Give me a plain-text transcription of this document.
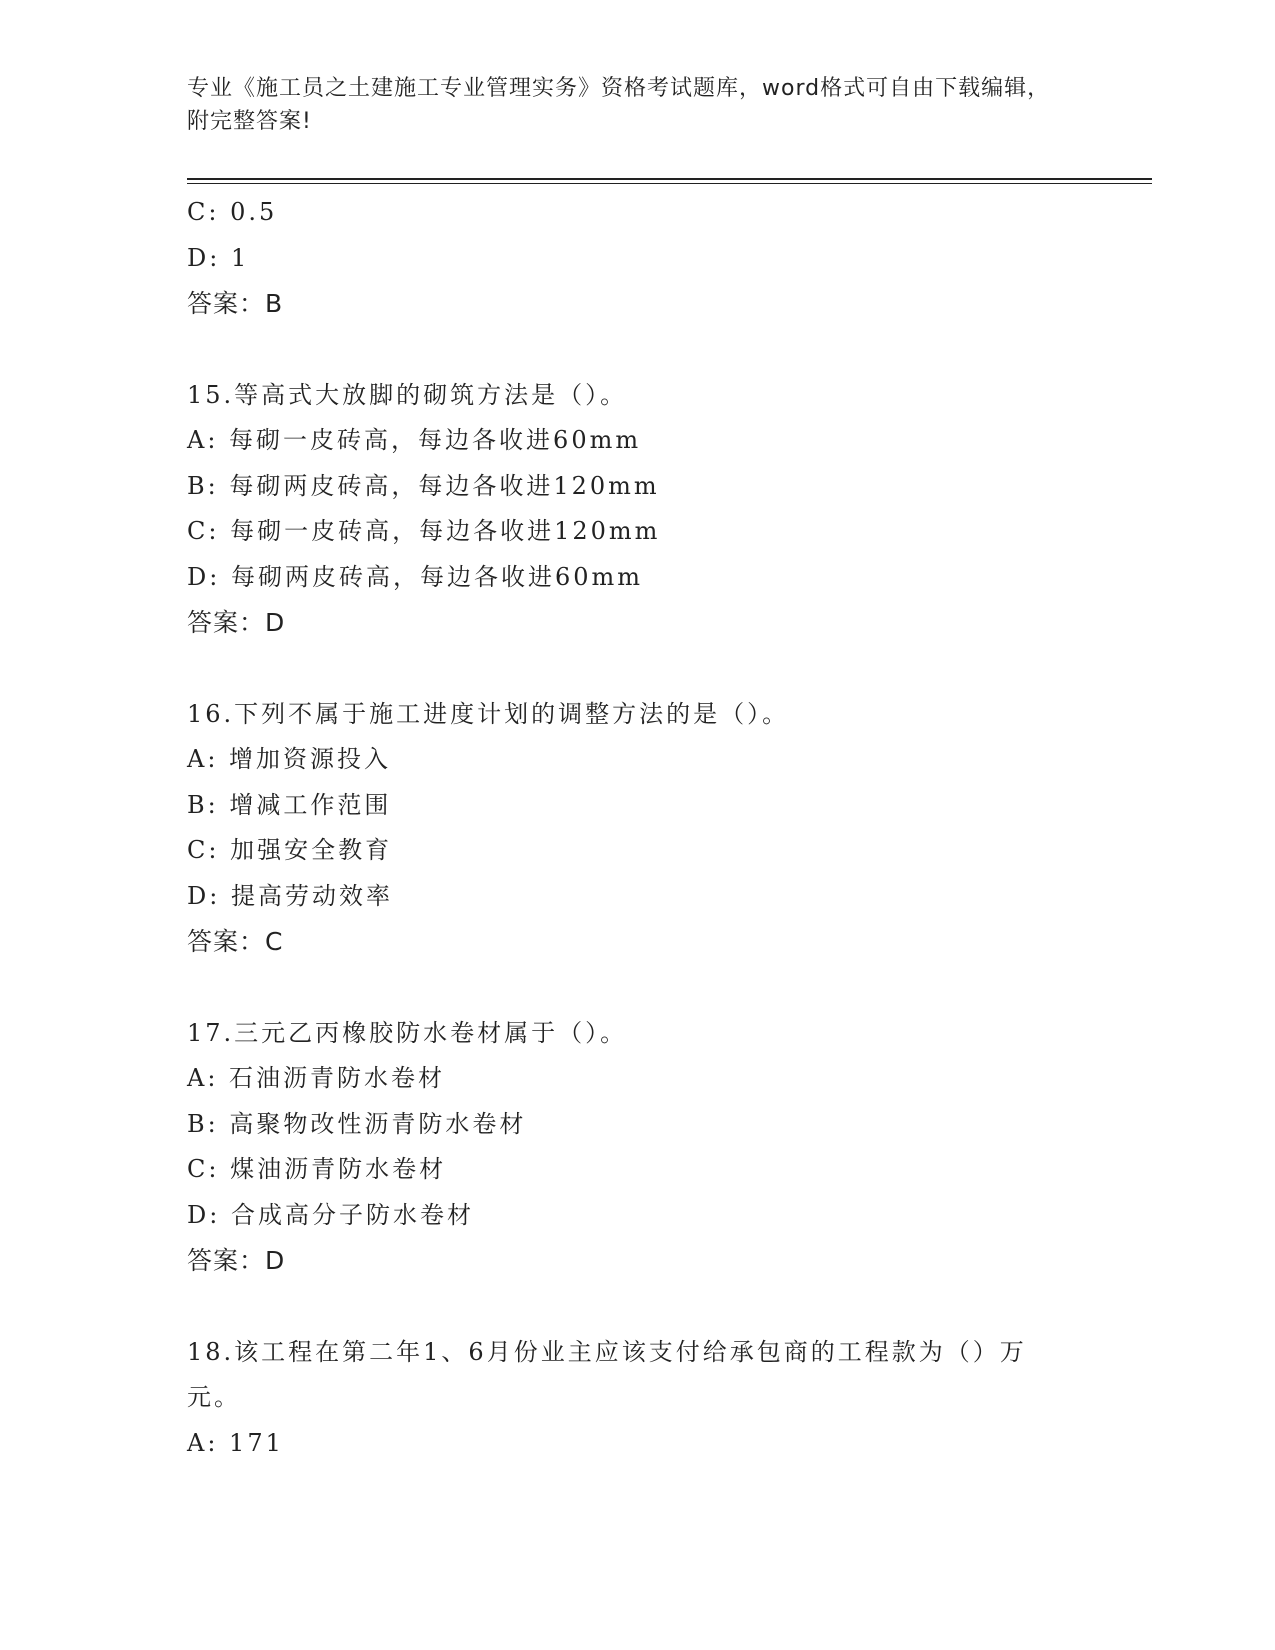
专业《施工员之土建施工专业管理实务》资格考试题库，word格式可自由下载编辑，附完整答案!
C: 0.5
D: 1
答案：B
15.等高式大放脚的砌筑方法是（）。
A: 每砌一皮砖高，每边各收进60mm
B: 每砌两皮砖高，每边各收进120mm
C: 每砌一皮砖高，每边各收进120mm
D: 每砌两皮砖高，每边各收进60mm
答案：D
16.下列不属于施工进度计划的调整方法的是（）。
A: 增加资源投入
B: 增减工作范围
C: 加强安全教育
D: 提高劳动效率
答案：C
17.三元乙丙橡胶防水卷材属于（）。
A: 石油沥青防水卷材
B: 高聚物改性沥青防水卷材
C: 煤油沥青防水卷材
D: 合成高分子防水卷材
答案：D
18.该工程在第二年1、6月份业主应该支付给承包商的工程款为（）万元。
A: 171
